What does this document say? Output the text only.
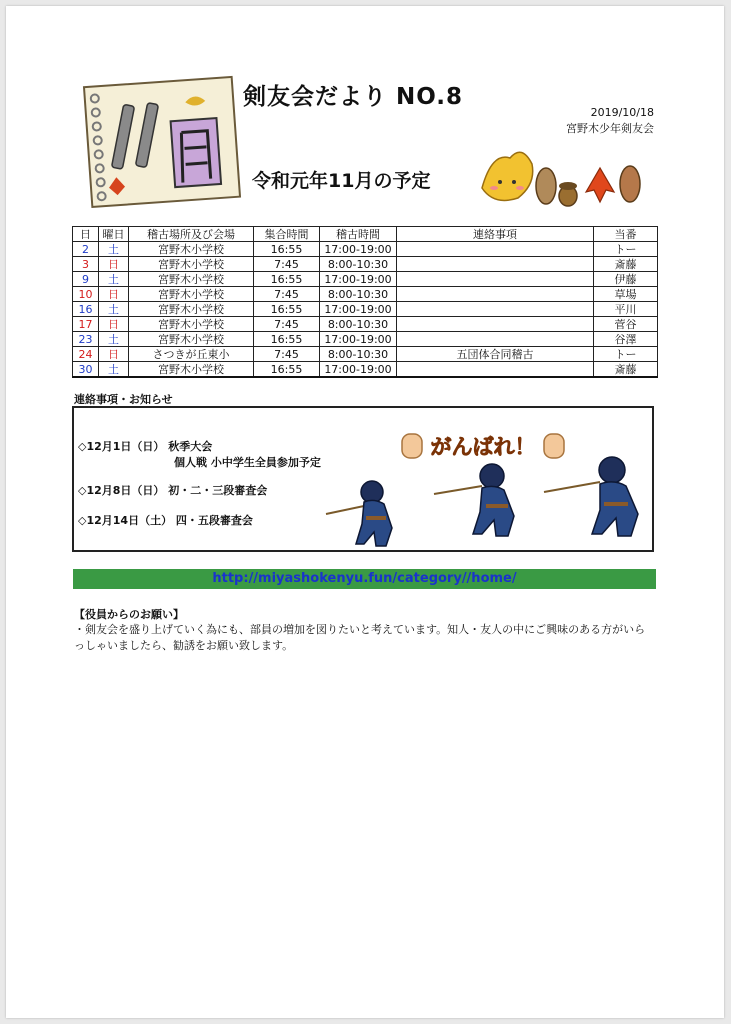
剣友会だより NO.8
2019/10/18
宮野木少年剣友会
令和元年11月の予定
日	曜日	稽古場所及び会場	集合時間	稽古時間	連絡事項	当番
2	土	宮野木小学校	16:55	17:00-19:00		トー
3	日	宮野木小学校	7:45	8:00-10:30		斎藤
9	土	宮野木小学校	16:55	17:00-19:00		伊藤
10	日	宮野木小学校	7:45	8:00-10:30		草場
16	土	宮野木小学校	16:55	17:00-19:00		平川
17	日	宮野木小学校	7:45	8:00-10:30		菅谷
23	土	宮野木小学校	16:55	17:00-19:00		谷澤
24	日	さつきが丘東小	7:45	8:00-10:30	五団体合同稽古	トー
30	土	宮野木小学校	16:55	17:00-19:00		斎藤
連絡事項・お知らせ
◇12月1日（日） 秋季大会
個人戦 小中学生全員参加予定
◇12月8日（日） 初・二・三段審査会
◇12月14日（土） 四・五段審査会
がんばれ！
http://miyashokenyu.fun/category//home/
【役員からのお願い】
・剣友会を盛り上げていく為にも、部員の増加を図りたいと考えています。知人・友人の中にご興味のある方がいらっしゃいましたら、勧誘をお願い致します。
